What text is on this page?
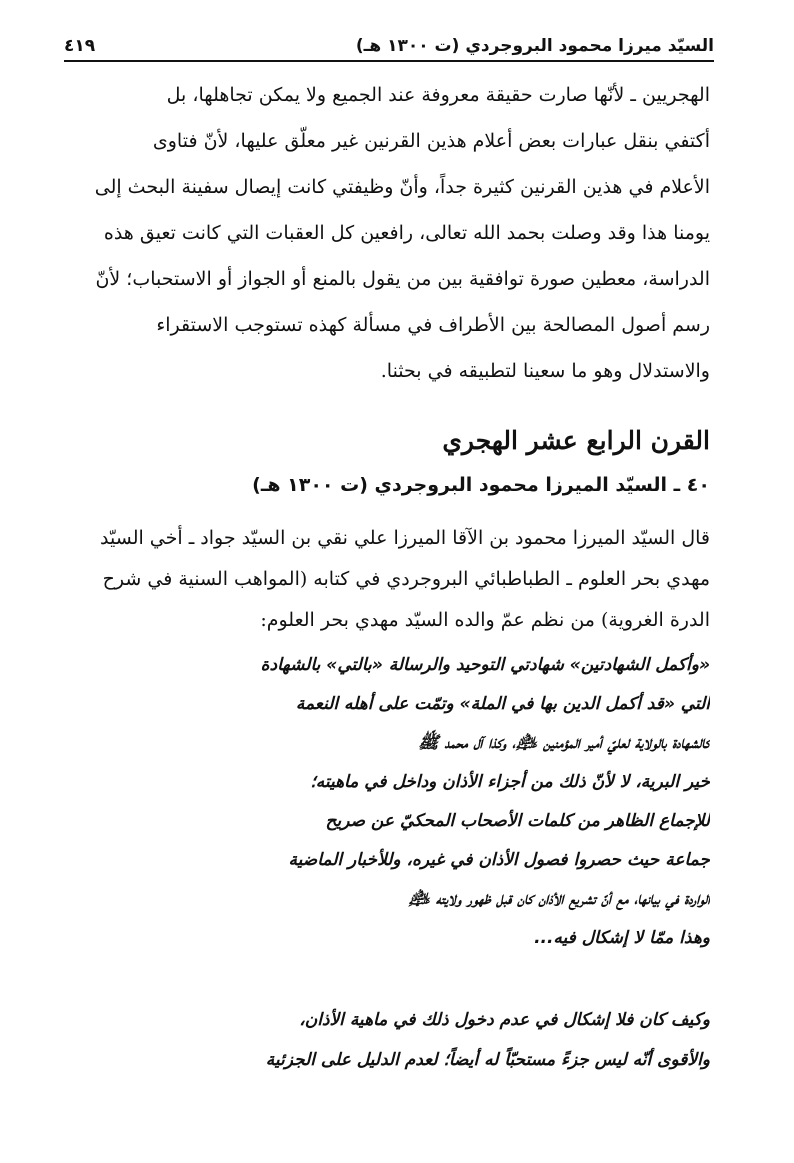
السيّد ميرزا محمود البروجردي (ت ١٣٠٠ هـ)
٤١٩
الهجريين ـ لأنّها صارت حقيقة معروفة عند الجميع ولا يمكن تجاهلها، بل
أكتفي بنقل عبارات بعض أعلام هذين القرنين غير معلّق عليها، لأنّ فتاوى
الأعلام في هذين القرنين كثيرة جداً، وأنّ وظيفتي كانت إيصال سفينة البحث إلى
يومنا هذا وقد وصلت بحمد الله تعالى، رافعين كل العقبات التي كانت تعيق هذه
الدراسة، معطين صورة توافقية بين من يقول بالمنع أو الجواز أو الاستحباب؛ لأنّ
رسم أصول المصالحة بين الأطراف في مسألة كهذه تستوجب الاستقراء
والاستدلال وهو ما سعينا لتطبيقه في بحثنا.
القرن الرابع عشر الهجري
٤٠ ـ السيّد الميرزا محمود البروجردي (ت ١٣٠٠ هـ)
قال السيّد الميرزا محمود بن الآقا الميرزا علي نقي بن السيّد جواد ـ أخي السيّد
مهدي بحر العلوم ـ الطباطبائي البروجردي في كتابه (المواهب السنية في شرح
الدرة الغروية) من نظم عمّ والده السيّد مهدي بحر العلوم:
«وأكمل الشهادتين» شهادتي التوحيد والرسالة «بالتي» بالشهادة
التي «قد أكمل الدين بها في الملة» وتمّت على أهله النعمة
كالشهادة بالولاية لعليّ أمير المؤمنين ﵇، وكذا آل محمد ﷺ
خير البرية، لا لأنّ ذلك من أجزاء الأذان وداخل في ماهيته؛
للإجماع الظاهر من كلمات الأصحاب المحكيّ عن صريح
جماعة حيث حصروا فصول الأذان في غيره، وللأخبار الماضية
الواردة في بيانها، مع أنّ تشريع الأذان كان قبل ظهور ولايته ﵇
وهذا ممّا لا إشكال فيه...
وكيف كان فلا إشكال في عدم دخول ذلك في ماهية الأذان،
والأقوى أنّه ليس جزءً مستحبّاً له أيضاً؛ لعدم الدليل على الجزئية
